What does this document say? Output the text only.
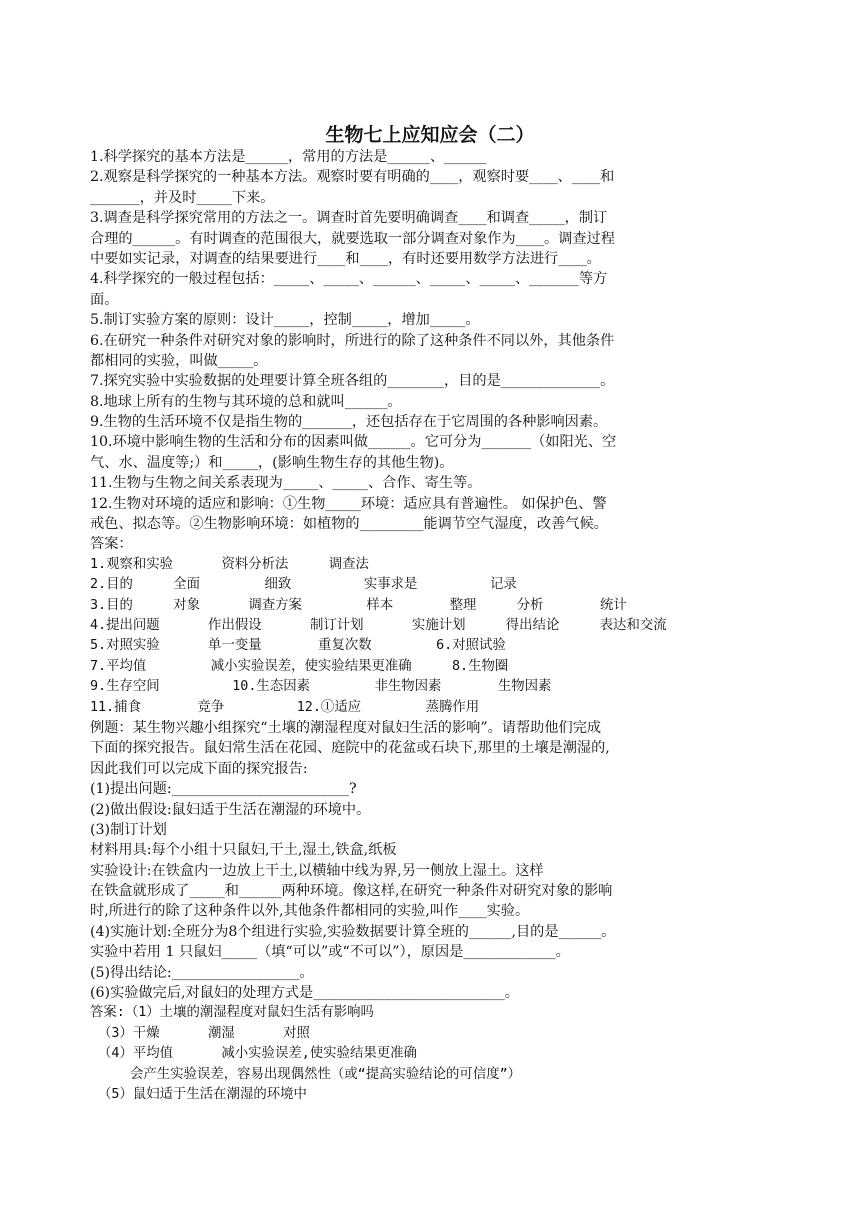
生物七上应知应会（二）
1.科学探究的基本方法是______，常用的方法是______、______
2.观察是科学探究的一种基本方法。观察时要有明确的____，观察时要____、____和
_______，并及时_____下来。
3.调查是科学探究常用的方法之一。调查时首先要明确调查____和调查_____，制订
合理的______。有时调查的范围很大，就要选取一部分调查对象作为____。调查过程
中要如实记录，对调查的结果要进行____和____，有时还要用数学方法进行____。
4.科学探究的一般过程包括：_____、_____、______、_____、_____、_______等方
面。
5.制订实验方案的原则：设计_____，控制_____，增加_____。
6.在研究一种条件对研究对象的影响时，所进行的除了这种条件不同以外，其他条件
都相同的实验，叫做_____。
7.探究实验中实验数据的处理要计算全班各组的________，目的是______________。
8.地球上所有的生物与其环境的总和就叫______。
9.生物的生活环境不仅是指生物的_______，还包括存在于它周围的各种影响因素。
10.环境中影响生物的生活和分布的因素叫做______。它可分为_______（如阳光、空
气、水、温度等;）和_____，(影响生物生存的其他生物)。
11.生物与生物之间关系表现为_____、_____、合作、寄生等。
12.生物对环境的适应和影响：①生物_____环境：适应具有普遍性。 如保护色、警
戒色、拟态等。②生物影响环境：如植物的_________能调节空气湿度，改善气候。
答案：
1.观察和实验      资料分析法     调查法
2.目的     全面        细致         实事求是         记录
3.目的     对象      调查方案        样本       整理     分析       统计
4.提出问题      作出假设      制订计划      实施计划     得出结论     表达和交流
5.对照实验      单一变量       重复次数        6.对照试验
7.平均值        减小实验误差，使实验结果更准确     8.生物圈
9.生存空间         10.生态因素        非生物因素       生物因素
11.捕食       竞争         12.①适应        蒸腾作用
例题：某生物兴趣小组探究“土壤的潮湿程度对鼠妇生活的影响”。请帮助他们完成
下面的探究报告。鼠妇常生活在花园、庭院中的花盆或石块下,那里的土壤是潮湿的,
因此我们可以完成下面的探究报告:
(1)提出问题:_________________________?
(2)做出假设:鼠妇适于生活在潮湿的环境中。
(3)制订计划
材料用具:每个小组十只鼠妇,干土,湿土,铁盒,纸板
实验设计:在铁盒内一边放上干土,以横轴中线为界,另一侧放上湿土。这样
在铁盒就形成了_____和______两种环境。像这样,在研究一种条件对研究对象的影响
时,所进行的除了这种条件以外,其他条件都相同的实验,叫作____实验。
(4)实施计划:全班分为8个组进行实验,实验数据要计算全班的______,目的是______。
实验中若用 1 只鼠妇_____（填“可以”或“不可以”），原因是_____________。
(5)得出结论:__________________。
(6)实验做完后,对鼠妇的处理方式是___________________________。
答案:（1）土壤的潮湿程度对鼠妇生活有影响吗
（3）干燥      潮湿      对照
（4）平均值      减小实验误差,使实验结果更准确
会产生实验误差，容易出现偶然性（或“提高实验结论的可信度”）
（5）鼠妇适于生活在潮湿的环境中
